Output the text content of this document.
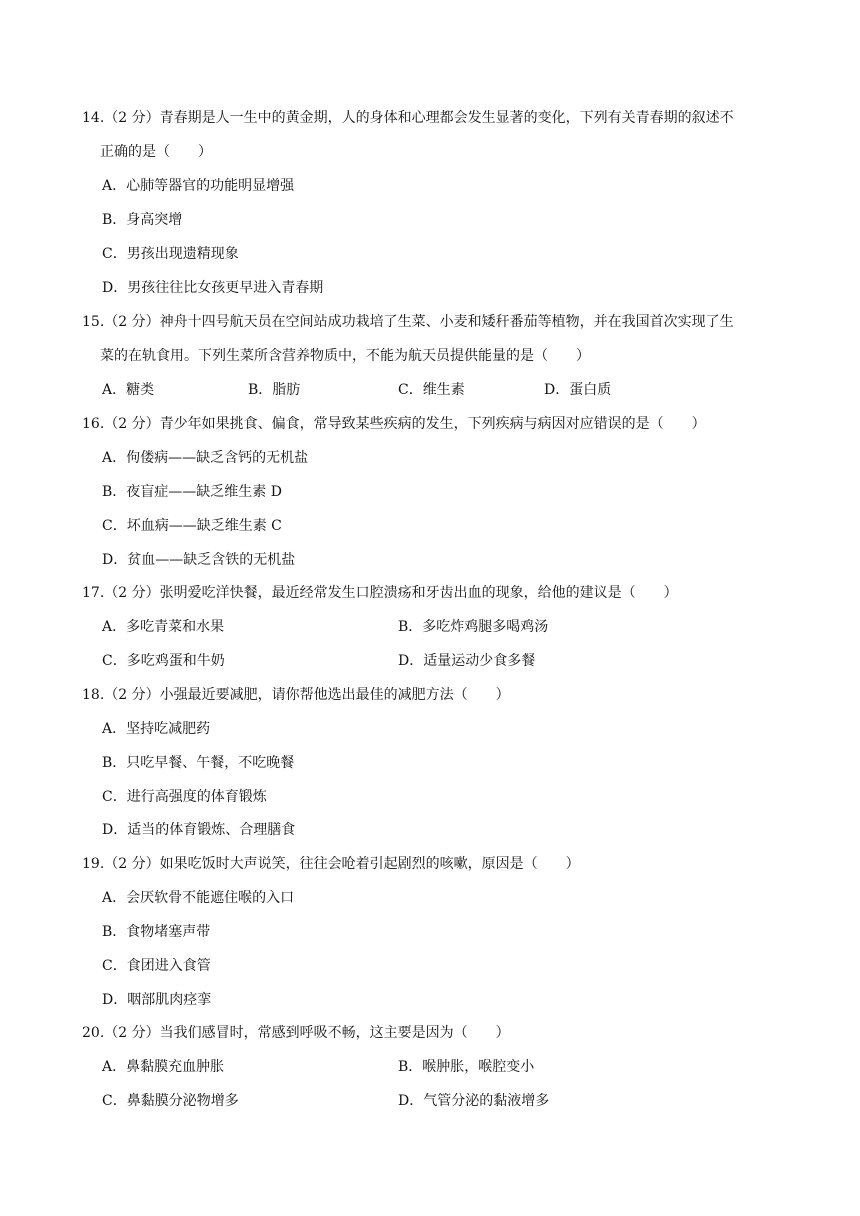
14.（2 分）青春期是人一生中的黄金期，人的身体和心理都会发生显著的变化，下列有关青春期的叙述不
正确的是（　　）
A．心肺等器官的功能明显增强
B．身高突增
C．男孩出现遗精现象
D．男孩往往比女孩更早进入青春期
15.（2 分）神舟十四号航天员在空间站成功栽培了生菜、小麦和矮秆番茄等植物，并在我国首次实现了生
菜的在轨食用。下列生菜所含营养物质中，不能为航天员提供能量的是（　　）
A．糖类	B．脂肪	C．维生素	D．蛋白质
16.（2 分）青少年如果挑食、偏食，常导致某些疾病的发生，下列疾病与病因对应错误的是（　　）
A．佝偻病——缺乏含钙的无机盐
B．夜盲症——缺乏维生素 D
C．坏血病——缺乏维生素 C
D．贫血——缺乏含铁的无机盐
17.（2 分）张明爱吃洋快餐，最近经常发生口腔溃疡和牙齿出血的现象，给他的建议是（　　）
A．多吃青菜和水果	B．多吃炸鸡腿多喝鸡汤
C．多吃鸡蛋和牛奶	D．适量运动少食多餐
18.（2 分）小强最近要减肥，请你帮他选出最佳的减肥方法（　　）
A．坚持吃减肥药
B．只吃早餐、午餐，不吃晚餐
C．进行高强度的体育锻炼
D．适当的体育锻炼、合理膳食
19.（2 分）如果吃饭时大声说笑，往往会呛着引起剧烈的咳嗽，原因是（　　）
A．会厌软骨不能遮住喉的入口
B．食物堵塞声带
C．食团进入食管
D．咽部肌肉痉挛
20.（2 分）当我们感冒时，常感到呼吸不畅，这主要是因为（　　）
A．鼻黏膜充血肿胀	B．喉肿胀，喉腔变小
C．鼻黏膜分泌物增多	D．气管分泌的黏液增多
